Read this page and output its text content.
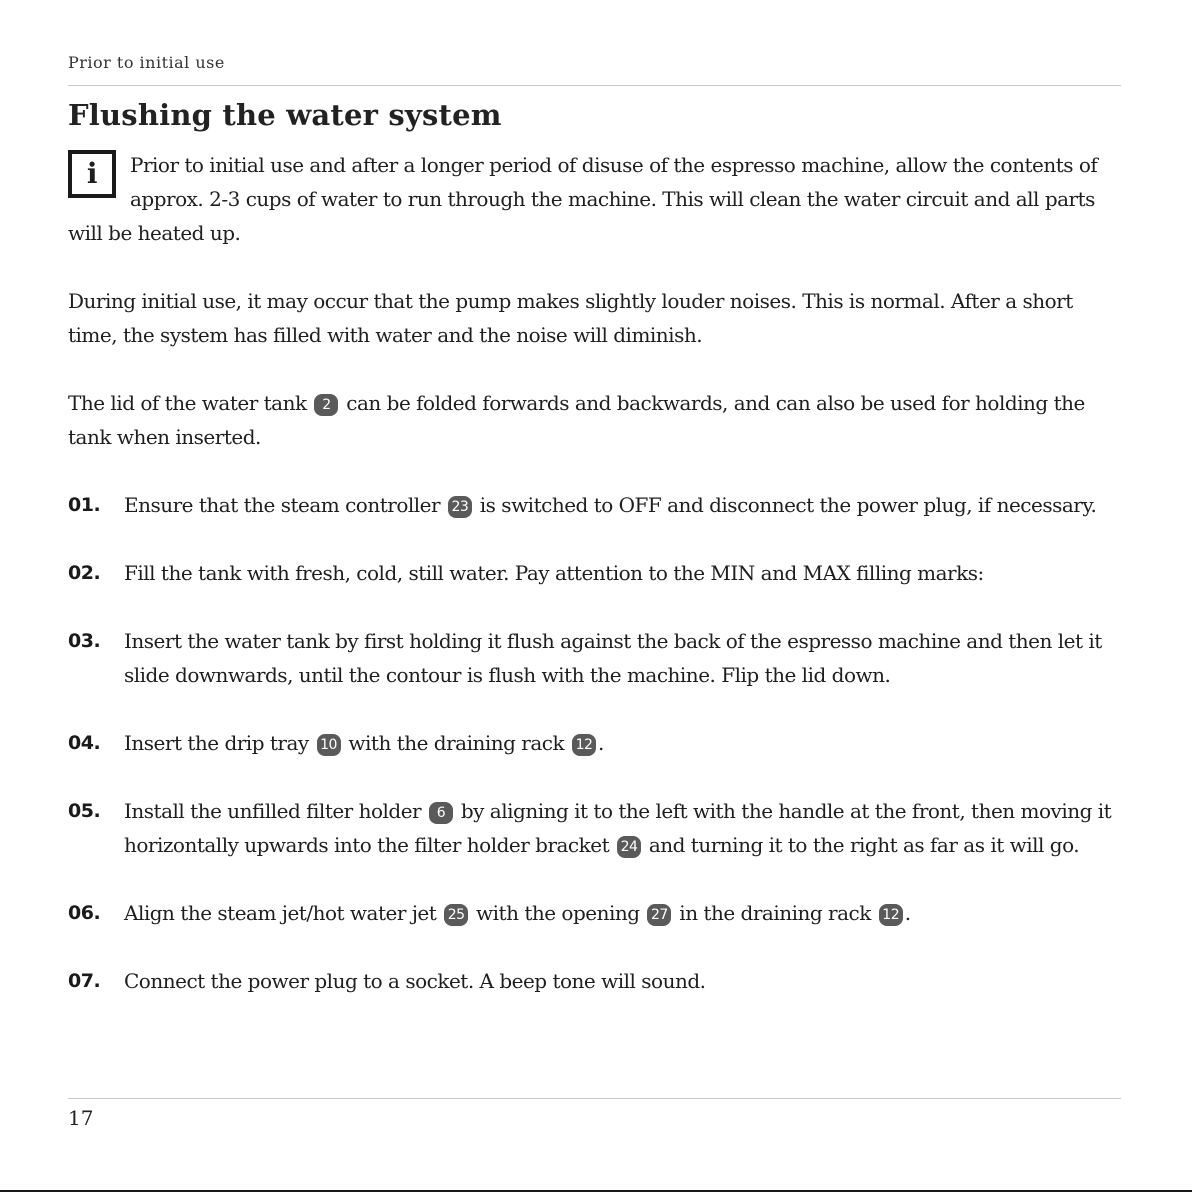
Prior to initial use
Flushing the water system

i	Prior to initial use and after a longer period of disuse of the espresso machine, allow the contents of approx. 2-3 cups of water to run through the machine. This will clean the water circuit and all parts will be heated up.

During initial use, it may occur that the pump makes slightly louder noises. This is normal. After a short time, the system has filled with water and the noise will diminish.

The lid of the water tank 2 can be folded forwards and backwards, and can also be used for holding the tank when inserted.

01.	Ensure that the steam controller 23 is switched to OFF and disconnect the power plug, if necessary.
02.	Fill the tank with fresh, cold, still water. Pay attention to the MIN and MAX filling marks:
03.	Insert the water tank by first holding it flush against the back of the espresso machine and then let it slide downwards, until the contour is flush with the machine. Flip the lid down.
04.	Insert the drip tray 10 with the draining rack 12 .
05.	Install the unfilled filter holder 6 by aligning it to the left with the handle at the front, then moving it horizontally upwards into the filter holder bracket 24 and turning it to the right as far as it will go.
06.	Align the steam jet/hot water jet 25 with the opening 27 in the draining rack 12 .
07.	Connect the power plug to a socket. A beep tone will sound.
17
